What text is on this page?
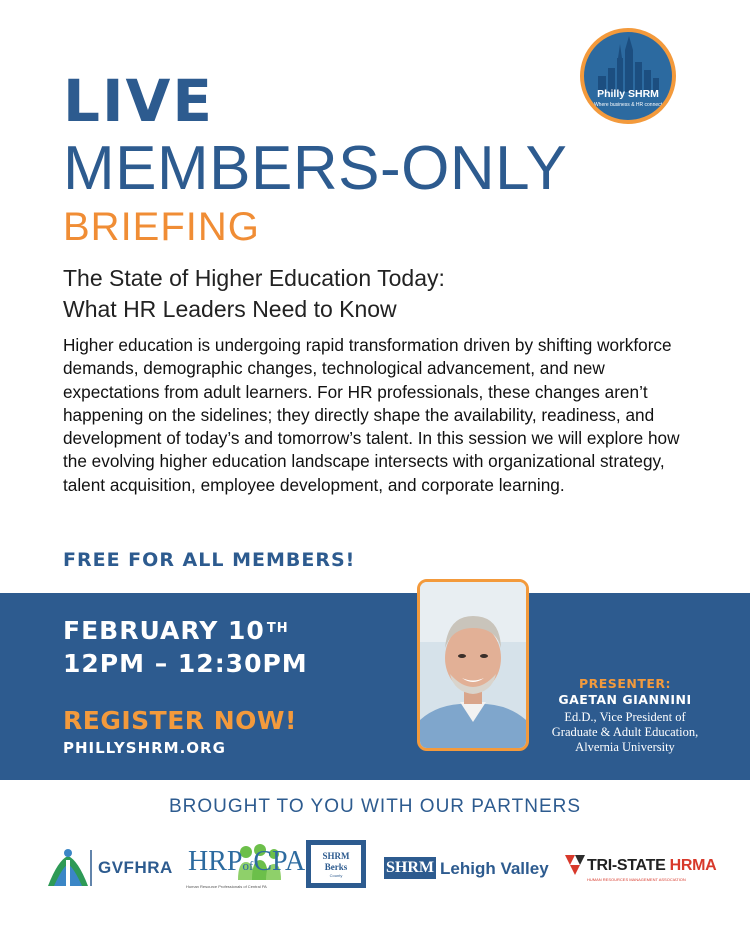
Philly SHRM
Where business & HR connect
LIVE
MEMBERS-ONLY
BRIEFING
The State of Higher Education Today:
What HR Leaders Need to Know
Higher education is undergoing rapid transformation driven by shifting workforce demands, demographic changes, technological advancement, and new expectations from adult learners. For HR professionals, these changes aren’t happening on the sidelines; they directly shape the availability, readiness, and development of today’s and tomorrow’s talent. In this session we will explore how the evolving higher education landscape intersects with organizational strategy, talent acquisition, employee development, and corporate learning.
FREE FOR ALL MEMBERS!
FEBRUARY 10 $^{TH}$
12PM – 12:30PM
REGISTER NOW!
PHILLYSHRM.ORG
PRESENTER:
GAETAN GIANNINI
Ed.D., Vice President of
Graduate & Adult Education,
Alvernia University
BROUGHT TO YOU WITH OUR PARTNERS
GVFHRA HRPofCPA
Human Resource Professionals of Central PA
SHRM
Berks
County	SHRM Lehigh Valley TRI-STATE HRMA
HUMAN RESOURCES MANAGEMENT ASSOCIATION
